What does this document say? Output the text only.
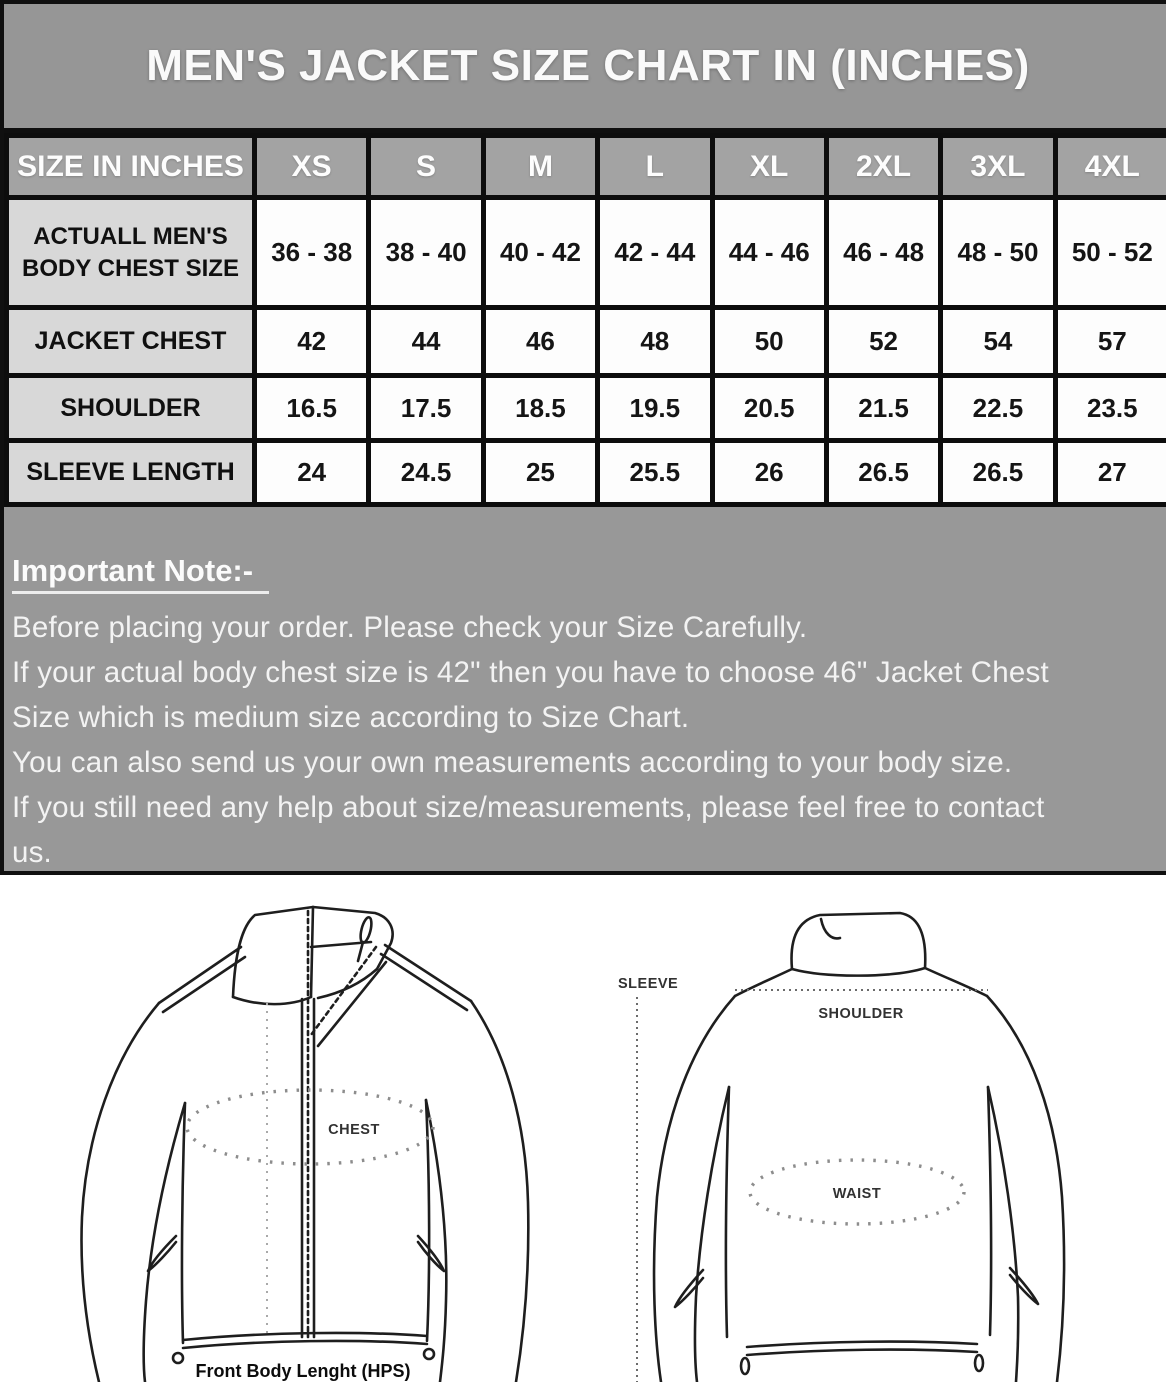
MEN'S JACKET SIZE CHART IN (INCHES)
SIZE IN INCHES	XS	S	M	L	XL	2XL	3XL	4XL
ACTUALL MEN'S BODY CHEST SIZE	36 - 38	38 - 40	40 - 42	42 - 44	44 - 46	46 - 48	48 - 50	50 - 52
JACKET CHEST	42	44	46	48	50	52	54	57
SHOULDER	16.5	17.5	18.5	19.5	20.5	21.5	22.5	23.5
SLEEVE LENGTH	24	24.5	25	25.5	26	26.5	26.5	27
Important Note:-
Before placing your order. Please check your Size Carefully.
If your actual body chest size is 42" then you have to choose 46" Jacket Chest
Size which is medium size according to Size Chart.
You can also send us your own measurements according to your body size.
If you still need any help about size/measurements, please feel free to contact
us.
CHEST
Front Body Lenght (HPS)
SLEEVE
SHOULDER
WAIST
